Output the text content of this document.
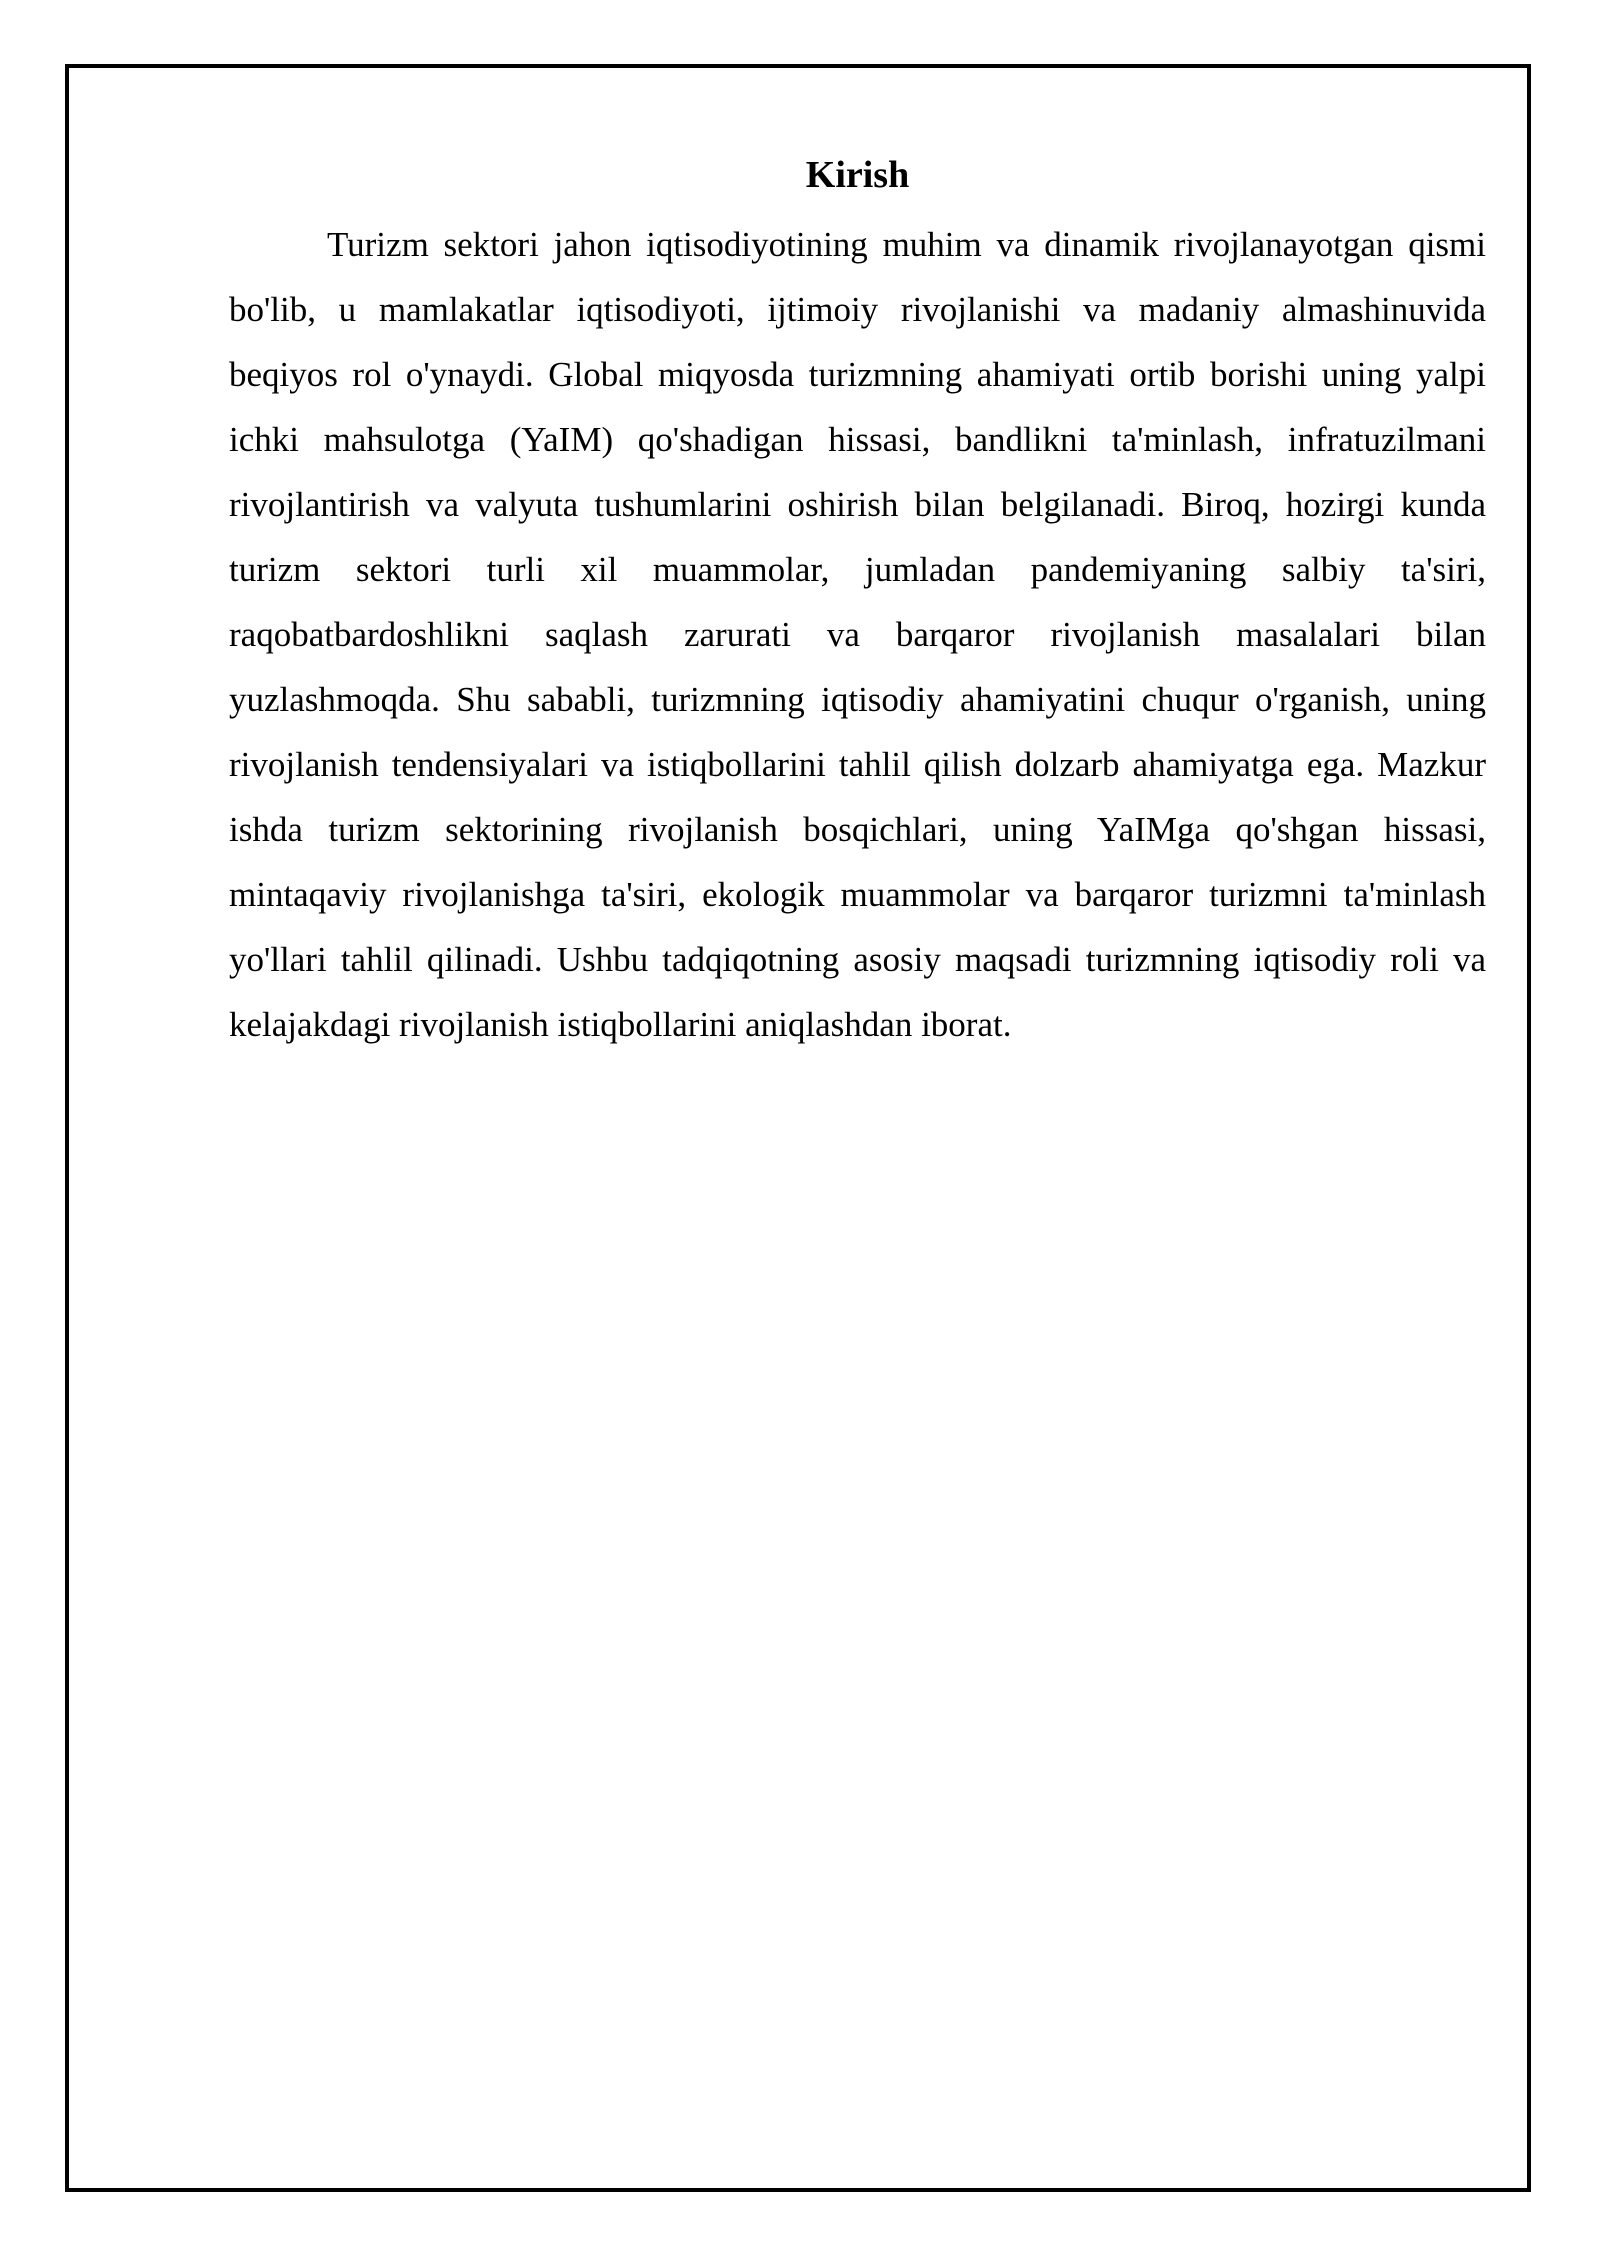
Kirish

Turizm sektori jahon iqtisodiyotining muhim va dinamik rivojlanayotgan qismi bo'lib, u mamlakatlar iqtisodiyoti, ijtimoiy rivojlanishi va madaniy almashinuvida beqiyos rol o'ynaydi. Global miqyosda turizmning ahamiyati ortib borishi uning yalpi ichki mahsulotga (YaIM) qo'shadigan hissasi, bandlikni ta'minlash, infratuzilmani rivojlantirish va valyuta tushumlarini oshirish bilan belgilanadi. Biroq, hozirgi kunda turizm sektori turli xil muammolar, jumladan pandemiyaning salbiy ta'siri, raqobatbardoshlikni saqlash zarurati va barqaror rivojlanish masalalari bilan yuzlashmoqda. Shu sababli, turizmning iqtisodiy ahamiyatini chuqur o'rganish, uning rivojlanish tendensiyalari va istiqbollarini tahlil qilish dolzarb ahamiyatga ega. Mazkur ishda turizm sektorining rivojlanish bosqichlari, uning YaIMga qo'shgan hissasi, mintaqaviy rivojlanishga ta'siri, ekologik muammolar va barqaror turizmni ta'minlash yo'llari tahlil qilinadi. Ushbu tadqiqotning asosiy maqsadi turizmning iqtisodiy roli va kelajakdagi rivojlanish istiqbollarini aniqlashdan iborat.
